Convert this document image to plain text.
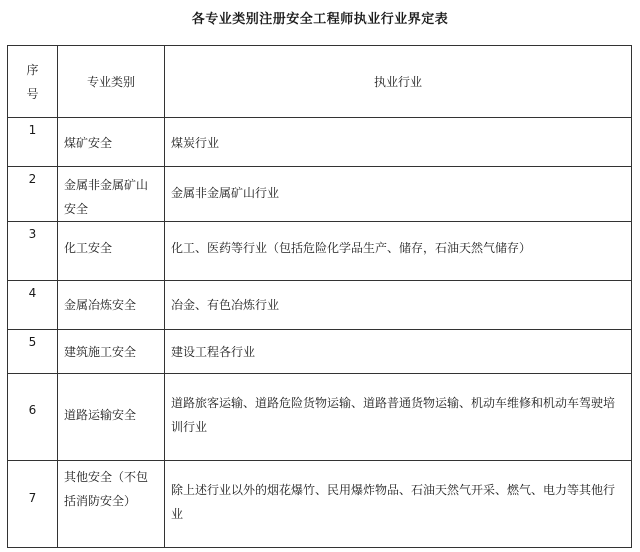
各专业类别注册安全工程师执业行业界定表
序号	专业类别	执业行业
1	煤矿安全	煤炭行业
2	金属非金属矿山安全	金属非金属矿山行业
3	化工安全	化工、医药等行业（包括危险化学品生产、储存，石油天然气储存）
4	金属冶炼安全	冶金、有色冶炼行业
5	建筑施工安全	建设工程各行业
6	道路运输安全	道路旅客运输、道路危险货物运输、道路普通货物运输、机动车维修和机动车驾驶培训行业
7	其他安全（不包括消防安全）	除上述行业以外的烟花爆竹、民用爆炸物品、石油天然气开采、燃气、电力等其他行业
